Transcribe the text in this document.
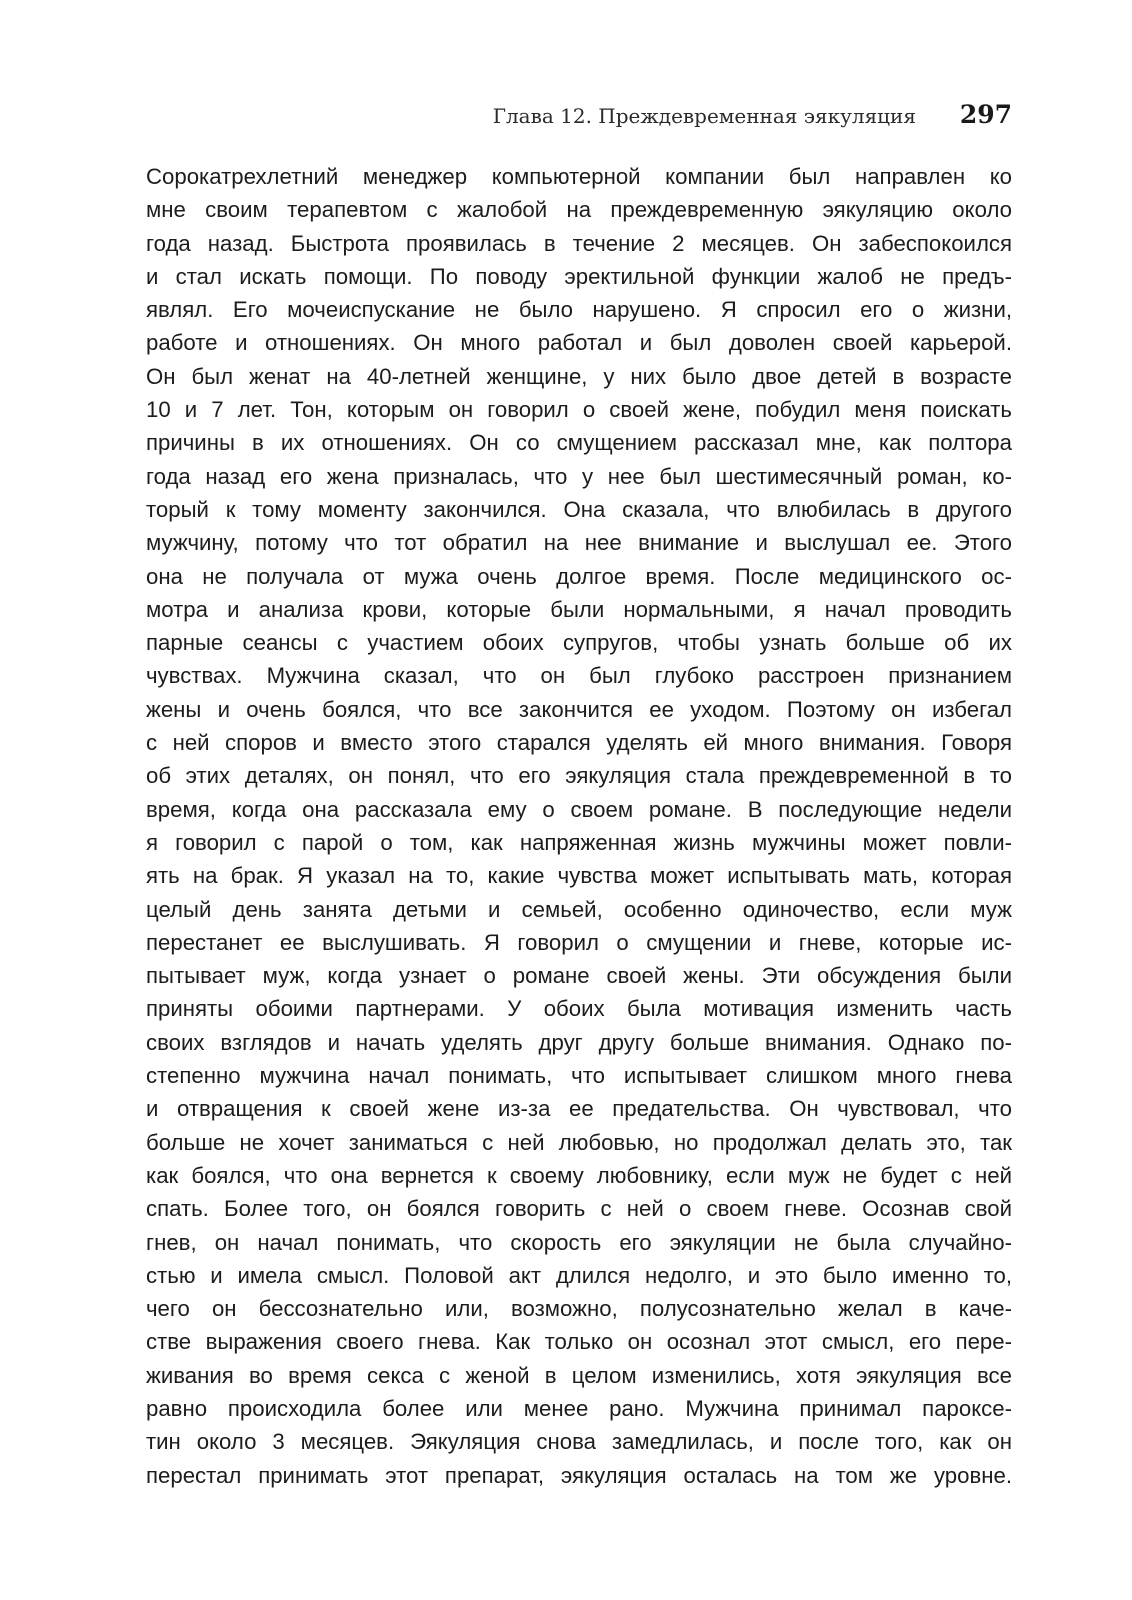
Глава 12. Преждевременная эякуляция 297
Сорокатрехлетний менеджер компьютерной компании был направлен ко
мне своим терапевтом с жалобой на преждевременную эякуляцию около
года назад. Быстрота проявилась в течение 2 месяцев. Он забеспокоился
и стал искать помощи. По поводу эректильной функции жалоб не предъ-
являл. Его мочеиспускание не было нарушено. Я спросил его о жизни,
работе и отношениях. Он много работал и был доволен своей карьерой.
Он был женат на 40-летней женщине, у них было двое детей в возрасте
10 и 7 лет. Тон, которым он говорил о своей жене, побудил меня поискать
причины в их отношениях. Он со смущением рассказал мне, как полтора
года назад его жена призналась, что у нее был шестимесячный роман, ко-
торый к тому моменту закончился. Она сказала, что влюбилась в другого
мужчину, потому что тот обратил на нее внимание и выслушал ее. Этого
она не получала от мужа очень долгое время. После медицинского ос-
мотра и анализа крови, которые были нормальными, я начал проводить
парные сеансы с участием обоих супругов, чтобы узнать больше об их
чувствах. Мужчина сказал, что он был глубоко расстроен признанием
жены и очень боялся, что все закончится ее уходом. Поэтому он избегал
с ней споров и вместо этого старался уделять ей много внимания. Говоря
об этих деталях, он понял, что его эякуляция стала преждевременной в то
время, когда она рассказала ему о своем романе. В последующие недели
я говорил с парой о том, как напряженная жизнь мужчины может повли-
ять на брак. Я указал на то, какие чувства может испытывать мать, которая
целый день занята детьми и семьей, особенно одиночество, если муж
перестанет ее выслушивать. Я говорил о смущении и гневе, которые ис-
пытывает муж, когда узнает о романе своей жены. Эти обсуждения были
приняты обоими партнерами. У обоих была мотивация изменить часть
своих взглядов и начать уделять друг другу больше внимания. Однако по-
степенно мужчина начал понимать, что испытывает слишком много гнева
и отвращения к своей жене из-за ее предательства. Он чувствовал, что
больше не хочет заниматься с ней любовью, но продолжал делать это, так
как боялся, что она вернется к своему любовнику, если муж не будет с ней
спать. Более того, он боялся говорить с ней о своем гневе. Осознав свой
гнев, он начал понимать, что скорость его эякуляции не была случайно-
стью и имела смысл. Половой акт длился недолго, и это было именно то,
чего он бессознательно или, возможно, полусознательно желал в каче-
стве выражения своего гнева. Как только он осознал этот смысл, его пере-
живания во время секса с женой в целом изменились, хотя эякуляция все
равно происходила более или менее рано. Мужчина принимал пароксе-
тин около 3 месяцев. Эякуляция снова замедлилась, и после того, как он
перестал принимать этот препарат, эякуляция осталась на том же уровне.
